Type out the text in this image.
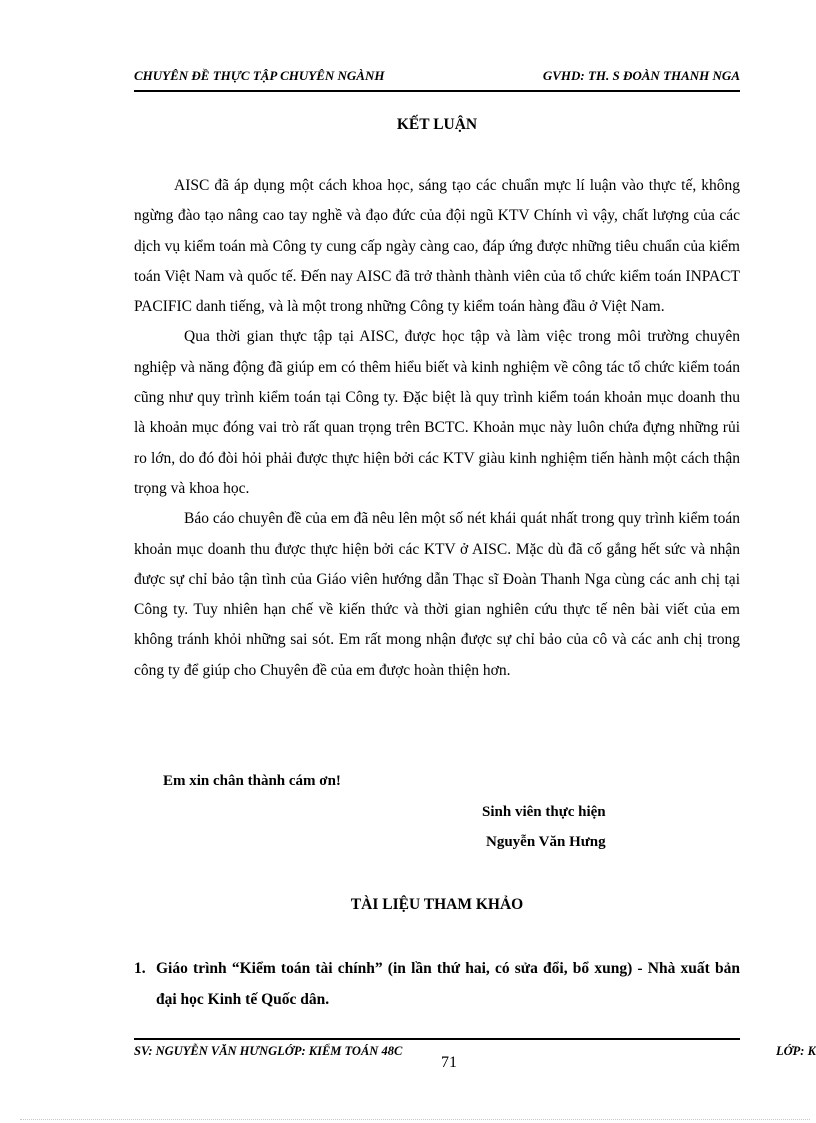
CHUYÊN ĐỀ THỰC TẬP CHUYÊN NGÀNH	GVHD: TH. S ĐOÀN THANH NGA
KẾT LUẬN

AISC đã áp dụng một cách khoa học, sáng tạo các chuẩn mực lí luận vào thực tế, không ngừng đào tạo nâng cao tay nghề và đạo đức của đội ngũ KTV Chính vì vậy, chất lượng của các dịch vụ kiểm toán mà Công ty cung cấp ngày càng cao, đáp ứng được những tiêu chuẩn của kiểm toán Việt Nam và quốc tế. Đến nay AISC đã trở thành thành viên của tổ chức kiểm toán INPACT PACIFIC danh tiếng, và là một trong những Công ty kiểm toán hàng đầu ở Việt Nam.

Qua thời gian thực tập tại AISC, được học tập và làm việc trong môi trường chuyên nghiệp và năng động đã giúp em có thêm hiểu biết và kinh nghiệm về công tác tổ chức kiểm toán cũng như quy trình kiểm toán tại Công ty. Đặc biệt là quy trình kiểm toán khoản mục doanh thu là khoản mục đóng vai trò rất quan trọng trên BCTC. Khoản mục này luôn chứa đựng những rủi ro lớn, do đó đòi hỏi phải được thực hiện bởi các KTV giàu kinh nghiệm tiến hành một cách thận trọng và khoa học.

Báo cáo chuyên đề của em đã nêu lên một số nét khái quát nhất trong quy trình kiểm toán khoản mục doanh thu được thực hiện bởi các KTV ở AISC. Mặc dù đã cố gắng hết sức và nhận được sự chỉ bảo tận tình của Giáo viên hướng dẫn Thạc sĩ Đoàn Thanh Nga cùng các anh chị tại Công ty. Tuy nhiên hạn chế về kiến thức và thời gian nghiên cứu thực tế nên bài viết của em không tránh khỏi những sai sót. Em rất mong nhận được sự chỉ bảo của cô và các anh chị trong công ty để giúp cho Chuyên đề của em được hoàn thiện hơn.

Em xin chân thành cám ơn!
Sinh viên thực hiện
Nguyễn Văn Hưng
TÀI LIỆU THAM KHẢO
1. Giáo trình “Kiểm toán tài chính” (in lần thứ hai, có sửa đổi, bổ xung) - Nhà xuất bản đại học Kinh tế Quốc dân.
SV: NGUYỄN VĂN HƯNGLỚP: KIỂM TOÁN 48C	LỚP: K
71
